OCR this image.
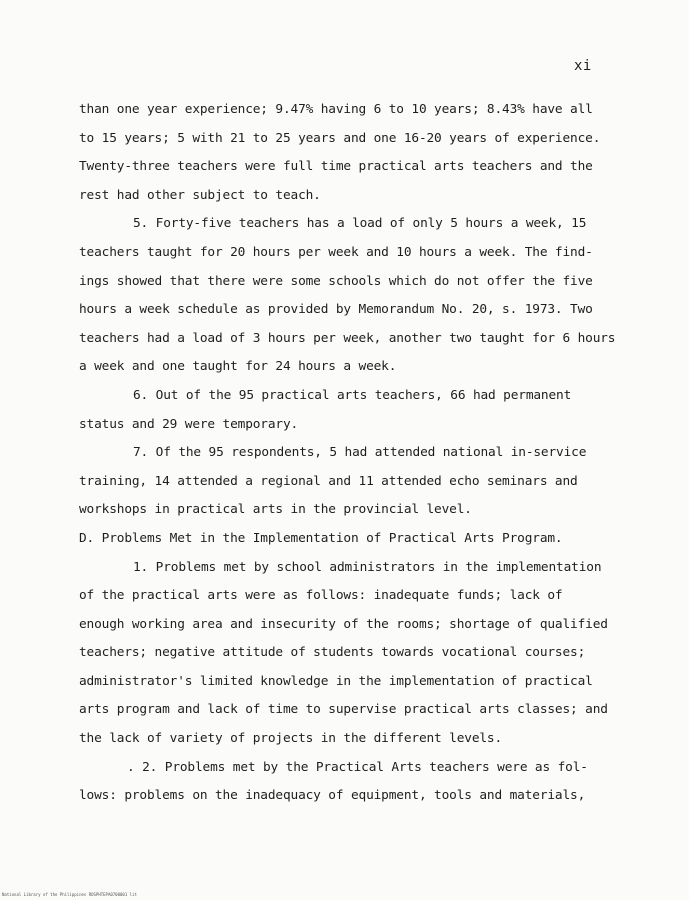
xi
than one year experience; 9.47% having 6 to 10 years; 8.43% have all
to 15 years; 5 with 21 to 25 years and one 16-20 years of experience.
Twenty-three teachers were full time practical arts teachers and the
rest had other subject to teach.
5. Forty-five teachers has a load of only 5 hours a week, 15
teachers taught for 20 hours per week and 10 hours a week. The find-
ings showed that there were some schools which do not offer the five
hours a week schedule as provided by Memorandum No. 20, s. 1973. Two
teachers had a load of 3 hours per week, another two taught for 6 hours
a week and one taught for 24 hours a week.
6. Out of the 95 practical arts teachers, 66 had permanent
status and 29 were temporary.
7. Of the 95 respondents, 5 had attended national in-service
training, 14 attended a regional and 11 attended echo seminars and
workshops in practical arts in the provincial level.
D. Problems Met in the Implementation of Practical Arts Program.
1. Problems met by school administrators in the implementation
of the practical arts were as follows: inadequate funds; lack of
enough working area and insecurity of the rooms; shortage of qualified
teachers; negative attitude of students towards vocational courses;
administrator's limited knowledge in the implementation of practical
arts program and lack of time to supervise practical arts classes; and
the lack of variety of projects in the different levels.
. 2. Problems met by the Practical Arts teachers were as fol-
lows: problems on the inadequacy of equipment, tools and materials,
National Library of the Philippines ROSPHTEPA0700001 lit
